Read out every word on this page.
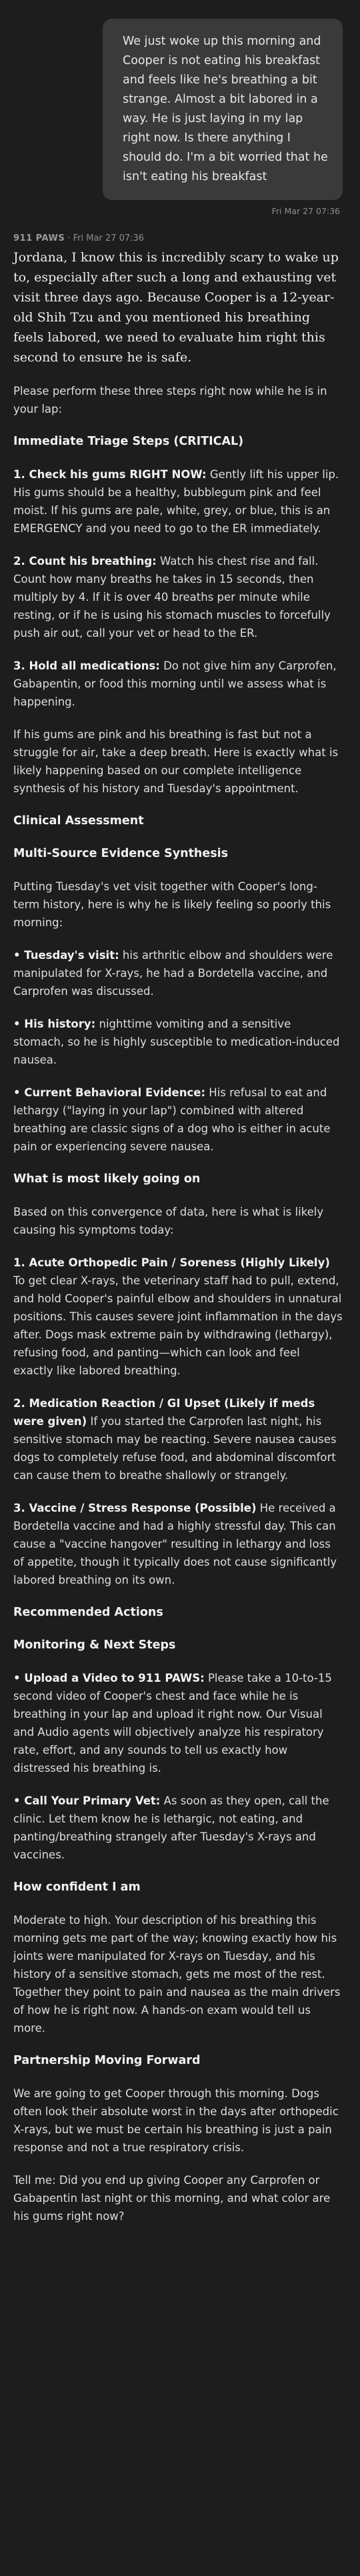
We just woke up this morning and Cooper is not eating his breakfast and feels like he's breathing a bit strange. Almost a bit labored in a way. He is just laying in my lap right now. Is there anything I should do. I'm a bit worried that he isn't eating his breakfast
Fri Mar 27 07:36
911 PAWS · Fri Mar 27 07:36

Jordana, I know this is incredibly scary to wake up to, especially after such a long and exhausting vet visit three days ago. Because Cooper is a 12-year-old Shih Tzu and you mentioned his breathing feels labored, we need to evaluate him right this second to ensure he is safe.

Please perform these three steps right now while he is in your lap:

Immediate Triage Steps (CRITICAL)

1. Check his gums RIGHT NOW: Gently lift his upper lip. His gums should be a healthy, bubblegum pink and feel moist. If his gums are pale, white, grey, or blue, this is an EMERGENCY and you need to go to the ER immediately.

2. Count his breathing: Watch his chest rise and fall. Count how many breaths he takes in 15 seconds, then multiply by 4. If it is over 40 breaths per minute while resting, or if he is using his stomach muscles to forcefully push air out, call your vet or head to the ER.

3. Hold all medications: Do not give him any Carprofen, Gabapentin, or food this morning until we assess what is happening.

If his gums are pink and his breathing is fast but not a struggle for air, take a deep breath. Here is exactly what is likely happening based on our complete intelligence synthesis of his history and Tuesday's appointment.

Clinical Assessment
Multi-Source Evidence Synthesis

Putting Tuesday's vet visit together with Cooper's long-term history, here is why he is likely feeling so poorly this morning:

• Tuesday's visit: his arthritic elbow and shoulders were manipulated for X-rays, he had a Bordetella vaccine, and Carprofen was discussed.

• His history: nighttime vomiting and a sensitive stomach, so he is highly susceptible to medication-induced nausea.

• Current Behavioral Evidence: His refusal to eat and lethargy ("laying in your lap") combined with altered breathing are classic signs of a dog who is either in acute pain or experiencing severe nausea.

What is most likely going on

Based on this convergence of data, here is what is likely causing his symptoms today:

1. Acute Orthopedic Pain / Soreness (Highly Likely) To get clear X-rays, the veterinary staff had to pull, extend, and hold Cooper's painful elbow and shoulders in unnatural positions. This causes severe joint inflammation in the days after. Dogs mask extreme pain by withdrawing (lethargy), refusing food, and panting—which can look and feel exactly like labored breathing.

2. Medication Reaction / GI Upset (Likely if meds were given) If you started the Carprofen last night, his sensitive stomach may be reacting. Severe nausea causes dogs to completely refuse food, and abdominal discomfort can cause them to breathe shallowly or strangely.

3. Vaccine / Stress Response (Possible) He received a Bordetella vaccine and had a highly stressful day. This can cause a "vaccine hangover" resulting in lethargy and loss of appetite, though it typically does not cause significantly labored breathing on its own.

Recommended Actions
Monitoring & Next Steps

• Upload a Video to 911 PAWS: Please take a 10-to-15 second video of Cooper's chest and face while he is breathing in your lap and upload it right now. Our Visual and Audio agents will objectively analyze his respiratory rate, effort, and any sounds to tell us exactly how distressed his breathing is.

• Call Your Primary Vet: As soon as they open, call the clinic. Let them know he is lethargic, not eating, and panting/breathing strangely after Tuesday's X-rays and vaccines.

How confident I am

Moderate to high. Your description of his breathing this morning gets me part of the way; knowing exactly how his joints were manipulated for X-rays on Tuesday, and his history of a sensitive stomach, gets me most of the rest. Together they point to pain and nausea as the main drivers of how he is right now. A hands-on exam would tell us more.

Partnership Moving Forward

We are going to get Cooper through this morning. Dogs often look their absolute worst in the days after orthopedic X-rays, but we must be certain his breathing is just a pain response and not a true respiratory crisis.

Tell me: Did you end up giving Cooper any Carprofen or Gabapentin last night or this morning, and what color are his gums right now?
